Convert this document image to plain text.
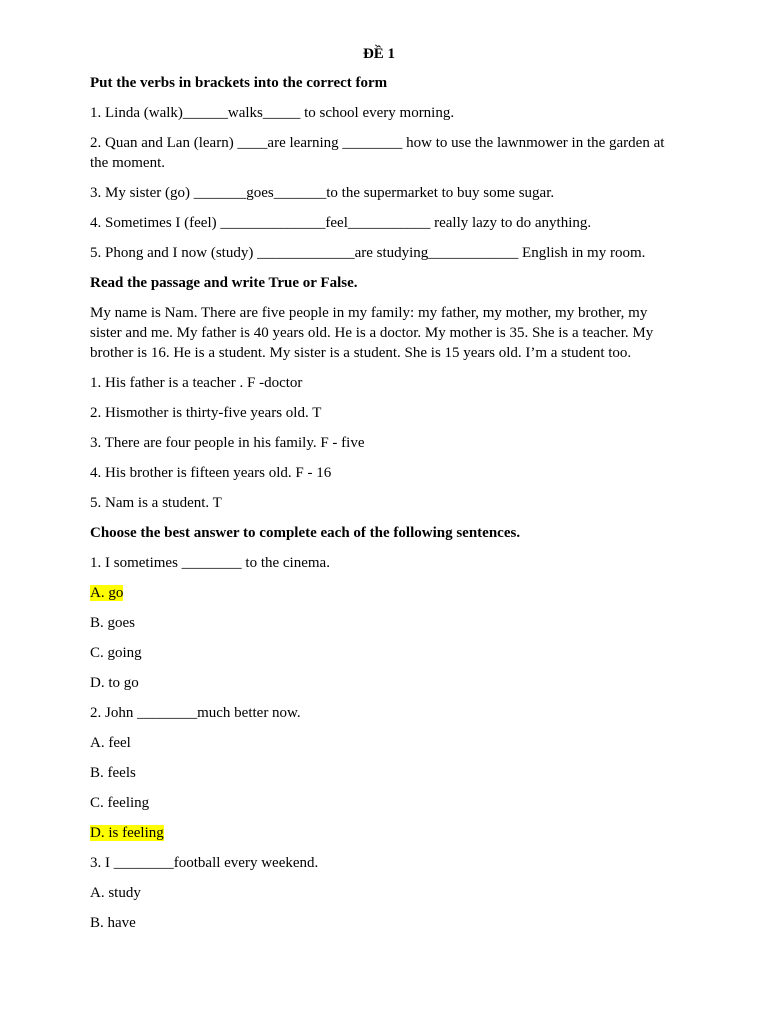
ĐỀ 1
Put the verbs in brackets into the correct form
1. Linda (walk)______walks_____ to school every morning.
2. Quan and Lan (learn) ____are learning ________ how to use the lawnmower in the garden at the moment.
3. My sister (go) _______goes_______to the supermarket to buy some sugar.
4. Sometimes I (feel) ______________feel___________ really lazy to do anything.
5. Phong and I now (study) _____________are studying____________ English in my room.
Read the passage and write True or False.
My name is Nam. There are five people in my family: my father, my mother, my brother, my sister and me. My father is 40 years old. He is a doctor. My mother is 35. She is a teacher. My brother is 16. He is a student. My sister is a student. She is 15 years old. I’m a student too.
1. His father is a teacher . F -doctor
2. Hismother is thirty-five years old. T
3. There are four people in his family. F - five
4. His brother is fifteen years old. F - 16
5. Nam is a student. T
Choose the best answer to complete each of the following sentences.
1. I sometimes ________ to the cinema.
A. go
B. goes
C. going
D. to go
2. John ________much better now.
A. feel
B. feels
C. feeling
D. is feeling
3. I ________football every weekend.
A. study
B. have
